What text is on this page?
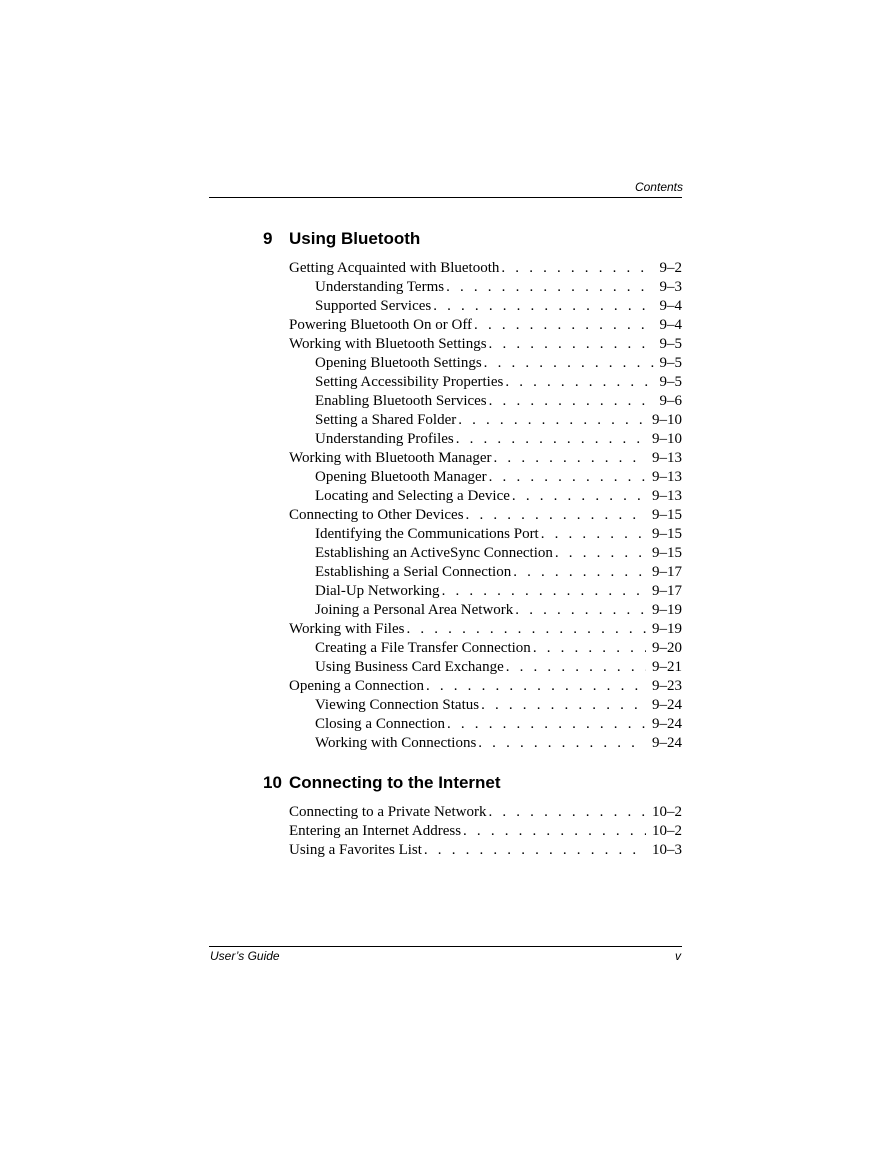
Contents
9 Using Bluetooth
Getting Acquainted with Bluetooth . . .	9–2
Understanding Terms . . .	9–3
Supported Services . . .	9–4
Powering Bluetooth On or Off . . .	9–4
Working with Bluetooth Settings . . .	9–5
Opening Bluetooth Settings . . .	9–5
Setting Accessibility Properties . . .	9–5
Enabling Bluetooth Services . . .	9–6
Setting a Shared Folder . . .	9–10
Understanding Profiles . . .	9–10
Working with Bluetooth Manager . . .	9–13
Opening Bluetooth Manager . . .	9–13
Locating and Selecting a Device . . .	9–13
Connecting to Other Devices . . .	9–15
Identifying the Communications Port . . .	9–15
Establishing an ActiveSync Connection . . .	9–15
Establishing a Serial Connection . . .	9–17
Dial-Up Networking . . .	9–17
Joining a Personal Area Network . . .	9–19
Working with Files . . .	9–19
Creating a File Transfer Connection . . .	9–20
Using Business Card Exchange . . .	9–21
Opening a Connection . . .	9–23
Viewing Connection Status . . .	9–24
Closing a Connection . . .	9–24
Working with Connections . . .	9–24
10 Connecting to the Internet
Connecting to a Private Network . . .	10–2
Entering an Internet Address . . .	10–2
Using a Favorites List . . .	10–3
User’s Guide	v
